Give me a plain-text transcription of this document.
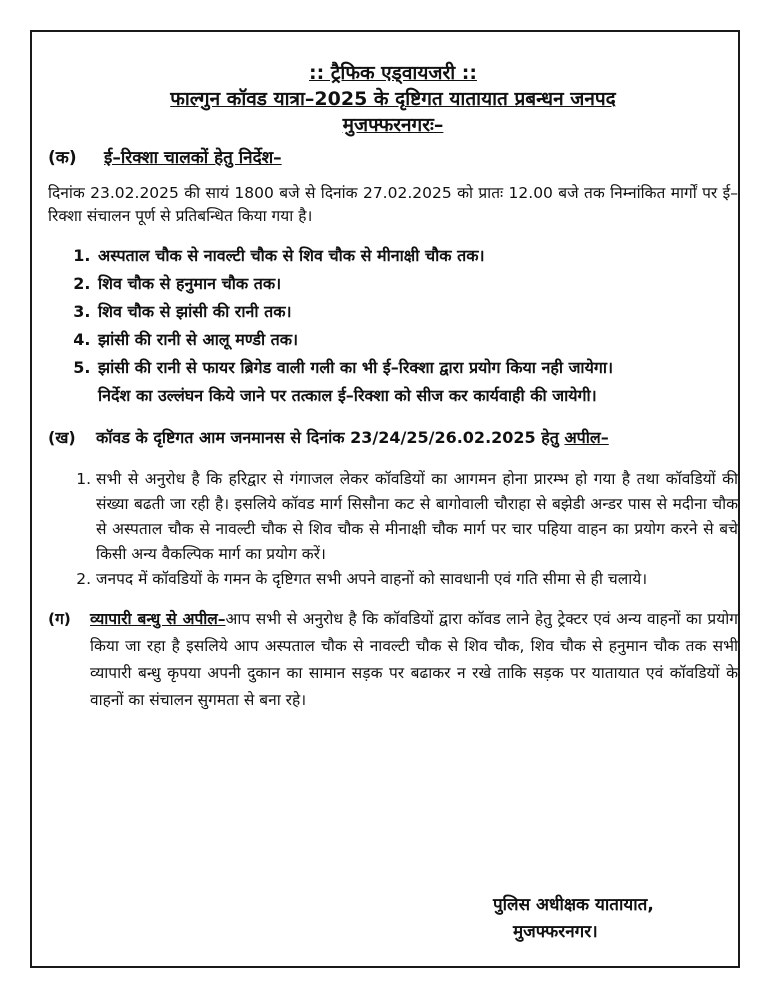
:: ट्रैफिक एड्वायजरी ::
फाल्गुन कॉवड यात्रा–2025 के दृष्टिगत यातायात प्रबन्धन जनपद
मुजफ्फरनगरः–
(क)	ई–रिक्शा चालकों हेतु निर्देश–
दिनांक 23.02.2025 की सायं 1800 बजे से दिनांक 27.02.2025 को प्रातः 12.00 बजे तक निम्नांकित मार्गों पर ई–रिक्शा संचालन पूर्ण से प्रतिबन्धित किया गया है।
1. अस्पताल चौक से नावल्टी चौक से शिव चौक से मीनाक्षी चौक तक।
2. शिव चौक से हनुमान चौक तक।
3. शिव चौक से झांसी की रानी तक।
4. झांसी की रानी से आलू मण्डी तक।
5. झांसी की रानी से फायर ब्रिगेड वाली गली का भी ई–रिक्शा द्वारा प्रयोग किया नही जायेगा।
निर्देश का उल्लंघन किये जाने पर तत्काल ई–रिक्शा को सीज कर कार्यवाही की जायेगी।
(ख)	कॉवड के दृष्टिगत आम जनमानस से दिनांक 23/24/25/26.02.2025 हेतु अपील–
1. सभी से अनुरोध है कि हरिद्वार से गंगाजल लेकर कॉवडियों का आगमन होना प्रारम्भ हो गया है तथा कॉवडियों की संख्या बढती जा रही है। इसलिये कॉवड मार्ग सिसौना कट से बागोवाली चौराहा से बझेडी अन्डर पास से मदीना चौक से अस्पताल चौक से नावल्टी चौक से शिव चौक से मीनाक्षी चौक मार्ग पर चार पहिया वाहन का प्रयोग करने से बचे किसी अन्य वैकल्पिक मार्ग का प्रयोग करें।
2. जनपद में कॉवडियों के गमन के दृष्टिगत सभी अपने वाहनों को सावधानी एवं गति सीमा से ही चलाये।
(ग)	व्यापारी बन्धु से अपील–आप सभी से अनुरोध है कि कॉवडियों द्वारा कॉवड लाने हेतु ट्रेक्टर एवं अन्य वाहनों का प्रयोग किया जा रहा है इसलिये आप अस्पताल चौक से नावल्टी चौक से शिव चौक, शिव चौक से हनुमान चौक तक सभी व्यापारी बन्धु कृपया अपनी दुकान का सामान सड़क पर बढाकर न रखे ताकि सड़क पर यातायात एवं कॉवडियों के वाहनों का संचालन सुगमता से बना रहे।
पुलिस अधीक्षक यातायात,
मुजफ्फरनगर।
